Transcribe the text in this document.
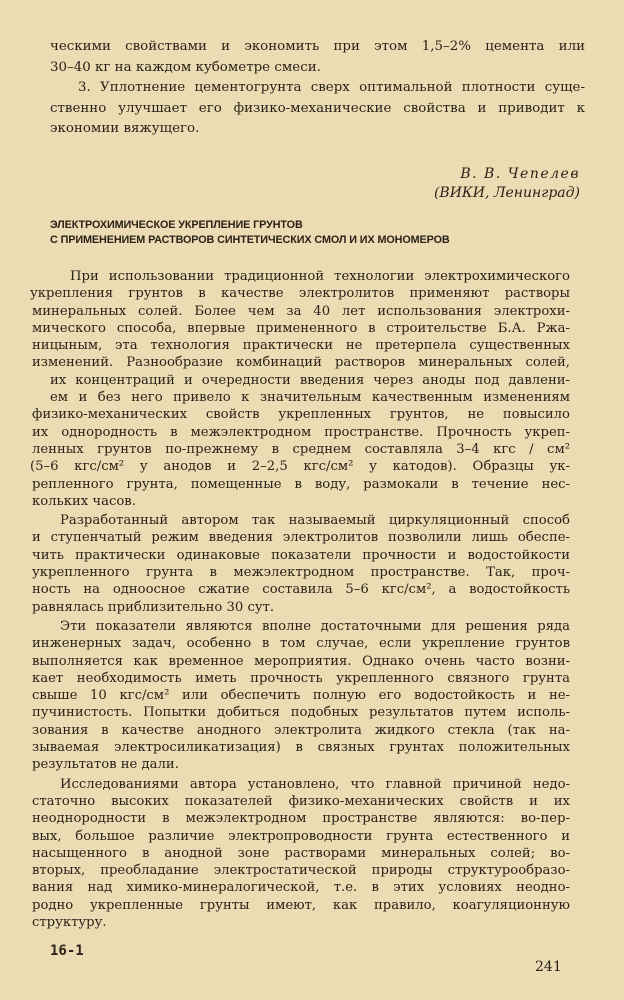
ческими свойствами и экономить при этом 1,5–2% цемента или

30–40 кг на каждом кубометре смеси.

3. Уплотнение цементогрунта сверх оптимальной плотности суще-

ственно улучшает его физико-механические свойства и приводит к

экономии вяжущего.

В. В. Чепелев
(ВИКИ, Ленинград)
ЭЛЕКТРОХИМИЧЕСКОЕ УКРЕПЛЕНИЕ ГРУНТОВ
С ПРИМЕНЕНИЕМ РАСТВОРОВ СИНТЕТИЧЕСКИХ СМОЛ И ИХ МОНОМЕРОВ

При использовании традиционной технологии электрохимического

укрепления грунтов в качестве электролитов применяют растворы

минеральных солей. Более чем за 40 лет использования электрохи-

мического способа, впервые примененного в строительстве Б.А. Ржа-

ницыным, эта технология практически не претерпела существенных

изменений. Разнообразие комбинаций растворов минеральных солей,

их концентраций и очередности введения через аноды под давлени-

ем и без него привело к значительным качественным изменениям

физико-механических свойств укрепленных грунтов, не повысило

их однородность в межэлектродном пространстве. Прочность укреп-

ленных грунтов по-прежнему в среднем составляла 3–4 кгс / см²

(5–6 кгс/см² у анодов и 2–2,5 кгс/см² у катодов). Образцы ук-

репленного грунта, помещенные в воду, размокали в течение нес-

кольких часов.

Разработанный автором так называемый циркуляционный способ

и ступенчатый режим введения электролитов позволили лишь обеспе-

чить практически одинаковые показатели прочности и водостойкости

укрепленного грунта в межэлектродном пространстве. Так, проч-

ность на одноосное сжатие составила 5–6 кгс/см², а водостойкость

равнялась приблизительно 30 сут.

Эти показатели являются вполне достаточными для решения ряда

инженерных задач, особенно в том случае, если укрепление грунтов

выполняется как временное мероприятия. Однако очень часто возни-

кает необходимость иметь прочность укрепленного связного грунта

свыше 10 кгс/см² или обеспечить полную его водостойкость и не-

пучинистость. Попытки добиться подобных результатов путем исполь-

зования в качестве анодного электролита жидкого стекла (так на-

зываемая электросиликатизация) в связных грунтах положительных

результатов не дали.

Исследованиями автора установлено, что главной причиной недо-

статочно высоких показателей физико-механических свойств и их

неоднородности в межэлектродном пространстве являются: во-пер-

вых, большое различие электропроводности грунта естественного и

насыщенного в анодной зоне растворами минеральных солей; во-

вторых, преобладание электростатической природы структурообразо-

вания над химико-минералогической, т.е. в этих условиях неодно-

родно укрепленные грунты имеют, как правило, коагуляционную

структуру.

16-1
241
